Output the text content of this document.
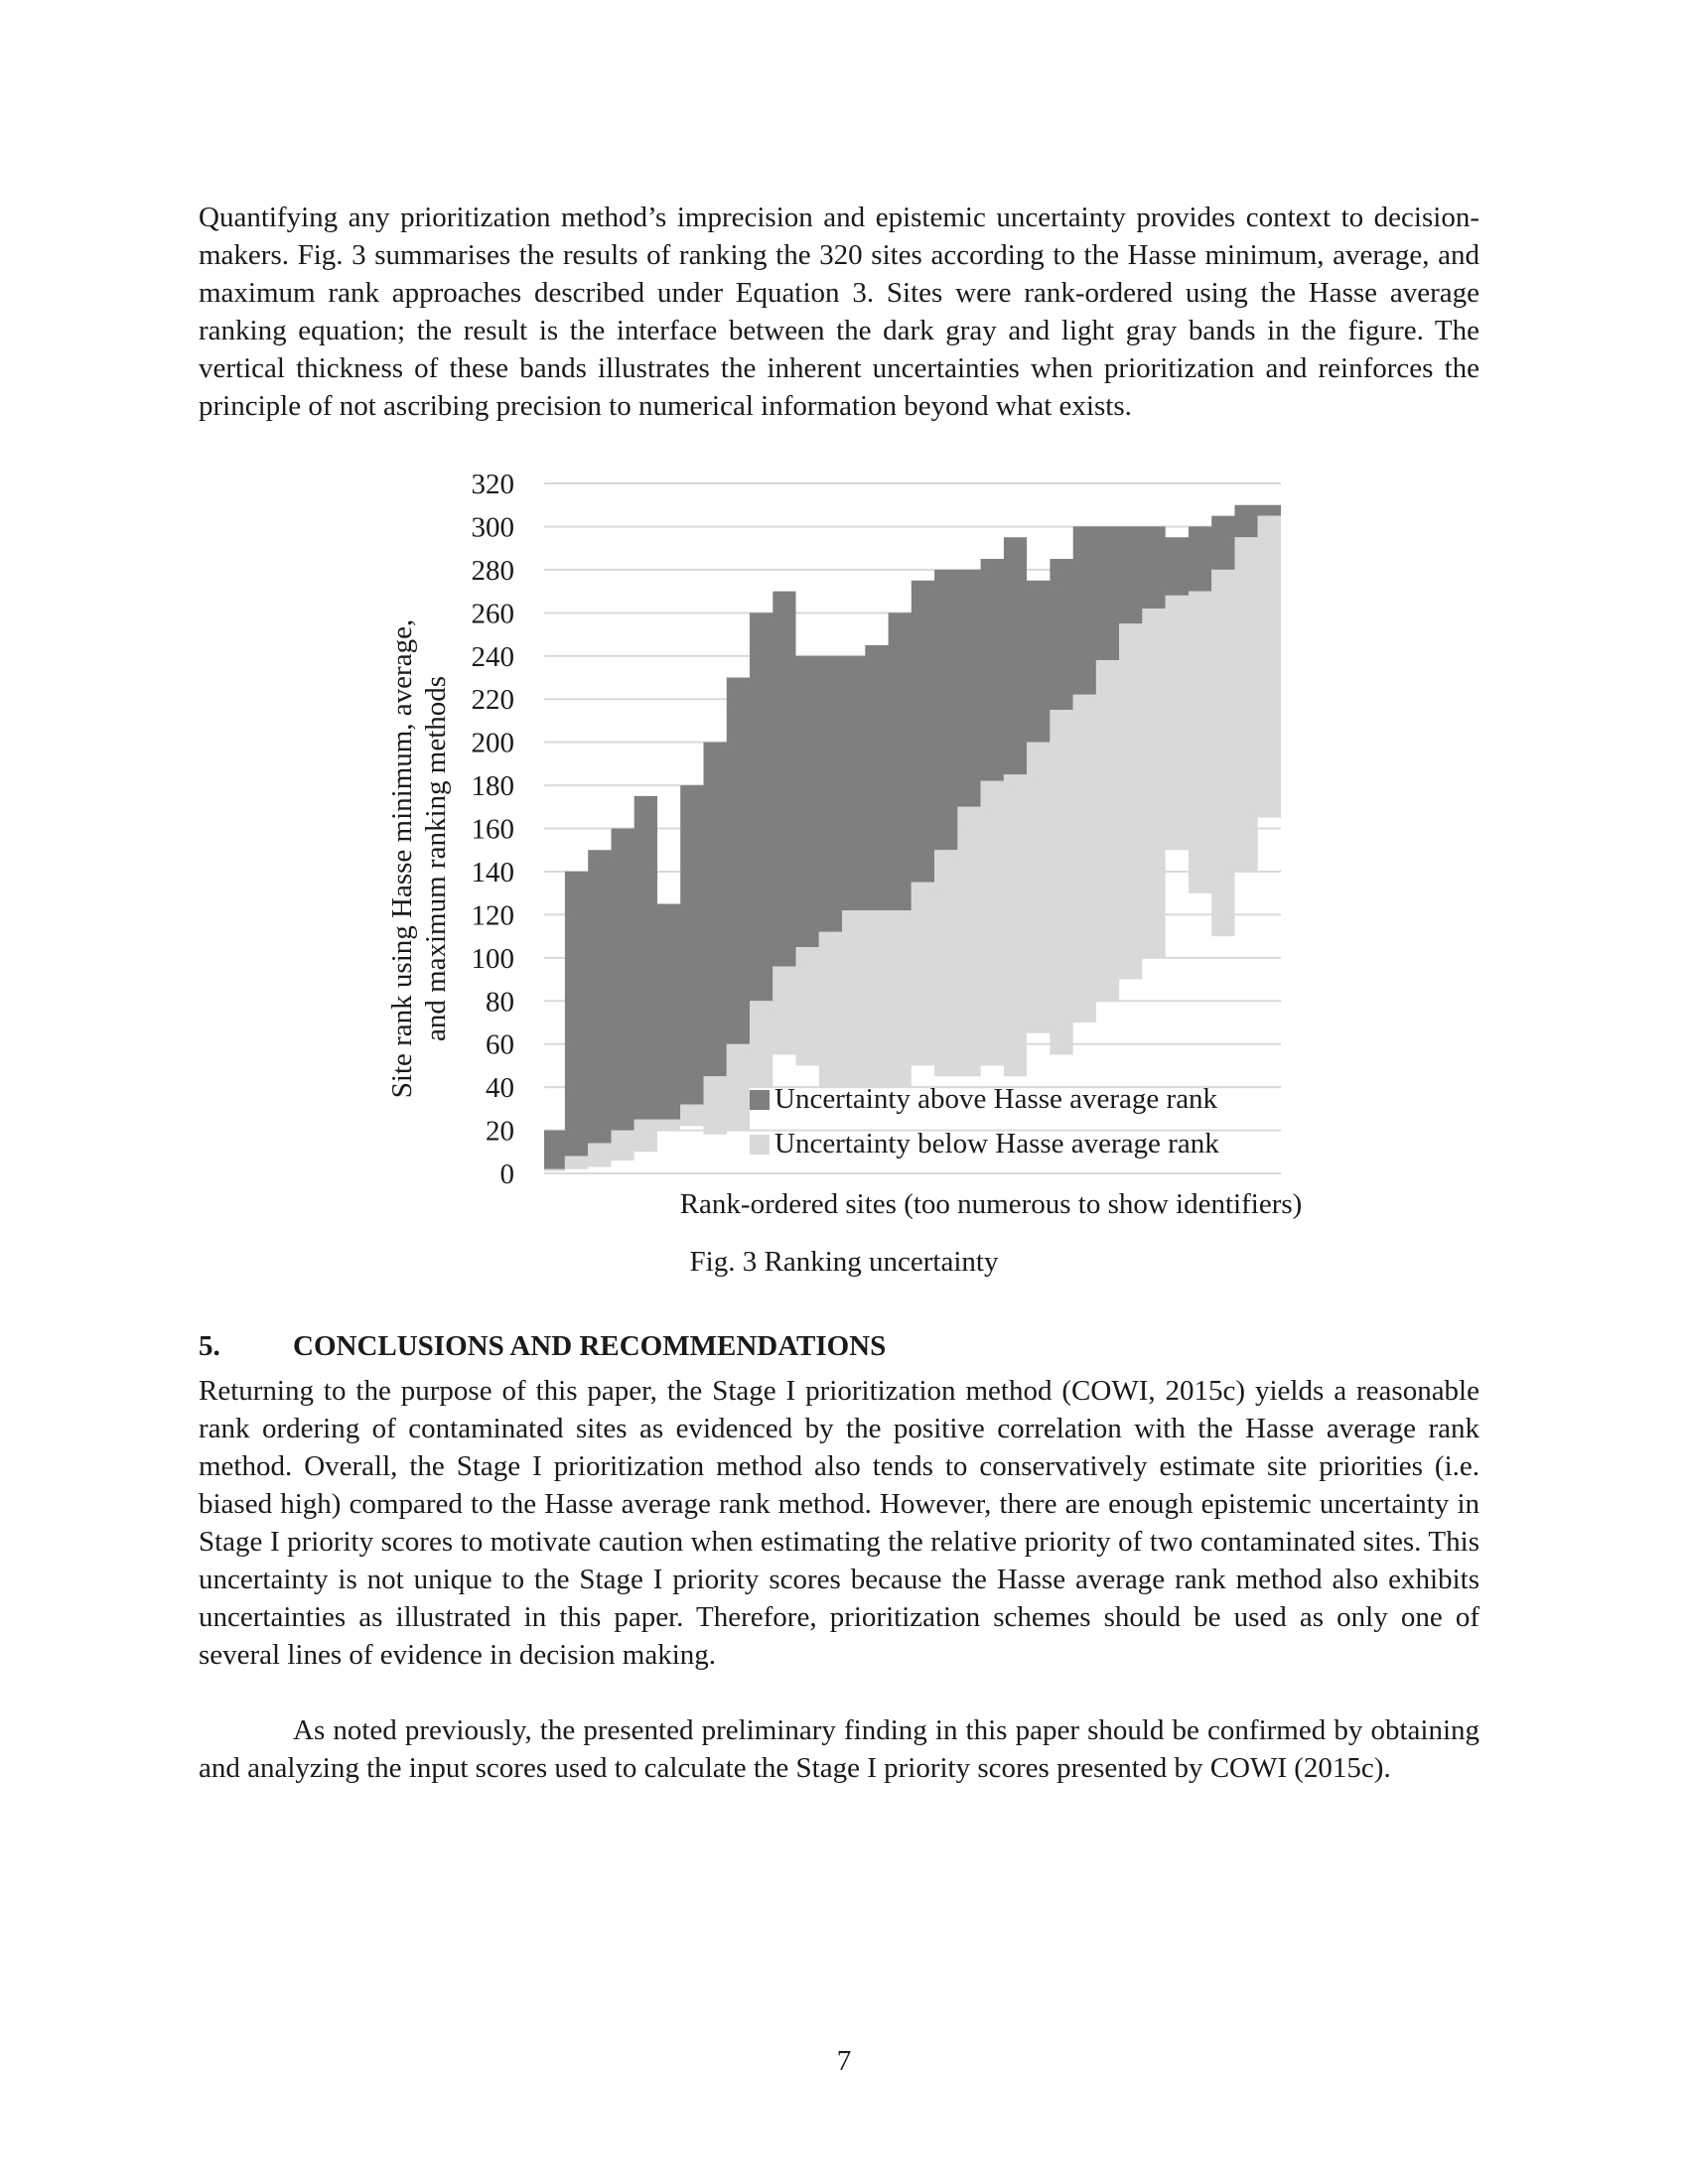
Quantifying any prioritization method’s imprecision and epistemic uncertainty provides context to decision-makers. Fig. 3 summarises the results of ranking the 320 sites according to the Hasse minimum, average, and maximum rank approaches described under Equation 3. Sites were rank-ordered using the Hasse average ranking equation; the result is the interface between the dark gray and light gray bands in the figure. The vertical thickness of these bands illustrates the inherent uncertainties when prioritization and reinforces the principle of not ascribing precision to numerical information beyond what exists.

0
20
40
60
80
100
120
140
160
180
200
220
240
260
280
300
320
Site rank using Hasse minimum, average, and maximum ranking methods
Rank-ordered sites (too numerous to show identifiers)
Uncertainty above Hasse average rank
Uncertainty below Hasse average rank

Fig. 3 Ranking uncertainty

5.	CONCLUSIONS AND RECOMMENDATIONS

Returning to the purpose of this paper, the Stage I prioritization method (COWI, 2015c) yields a reasonable rank ordering of contaminated sites as evidenced by the positive correlation with the Hasse average rank method. Overall, the Stage I prioritization method also tends to conservatively estimate site priorities (i.e. biased high) compared to the Hasse average rank method. However, there are enough epistemic uncertainty in Stage I priority scores to motivate caution when estimating the relative priority of two contaminated sites. This uncertainty is not unique to the Stage I priority scores because the Hasse average rank method also exhibits uncertainties as illustrated in this paper. Therefore, prioritization schemes should be used as only one of several lines of evidence in decision making.

As noted previously, the presented preliminary finding in this paper should be confirmed by obtaining and analyzing the input scores used to calculate the Stage I priority scores presented by COWI (2015c).

7
